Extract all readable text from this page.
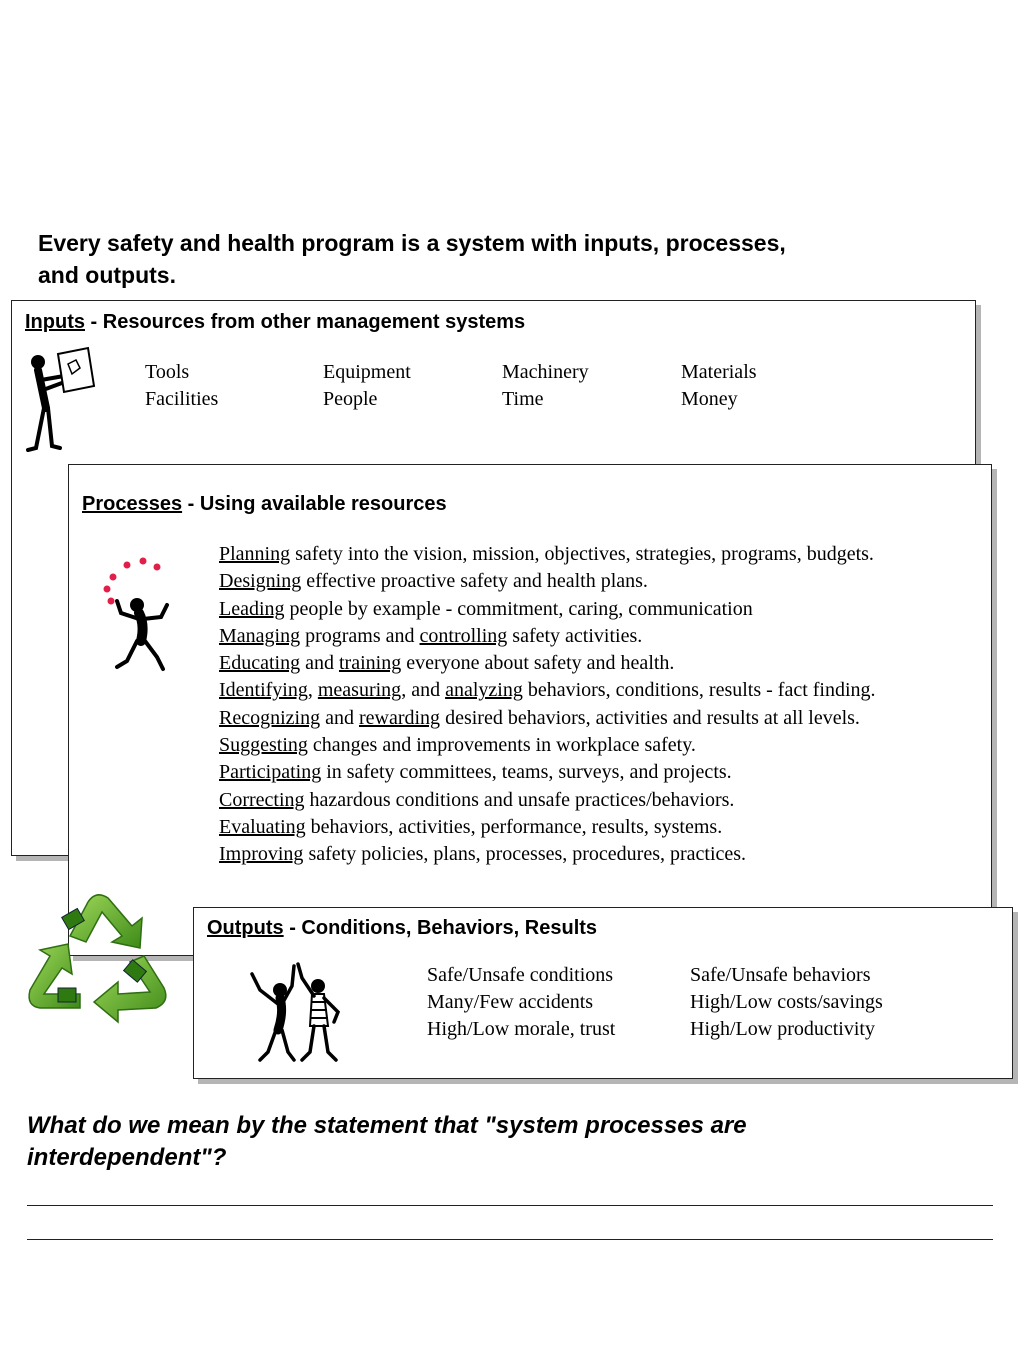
Every safety and health program is a system with inputs, processes,
and outputs.
Inputs - Resources from other management systems
Tools	Equipment	Machinery	Materials
Facilities	People	Time	Money
Processes - Using available resources
Planning safety into the vision, mission, objectives, strategies, programs, budgets.
Designing effective proactive safety and health plans.
Leading people by example - commitment, caring, communication
Managing programs and controlling safety activities.
Educating and training everyone about safety and health.
Identifying, measuring, and analyzing behaviors, conditions, results - fact finding.
Recognizing and rewarding desired behaviors, activities and results at all levels.
Suggesting changes and improvements in workplace safety.
Participating in safety committees, teams, surveys, and projects.
Correcting hazardous conditions and unsafe practices/behaviors.
Evaluating behaviors, activities, performance, results, systems.
Improving safety policies, plans, processes, procedures, practices.
Outputs - Conditions, Behaviors, Results
Safe/Unsafe conditions	Safe/Unsafe behaviors
Many/Few accidents	High/Low costs/savings
High/Low morale, trust	High/Low productivity
What do we mean by the statement that "system processes are
interdependent"?
